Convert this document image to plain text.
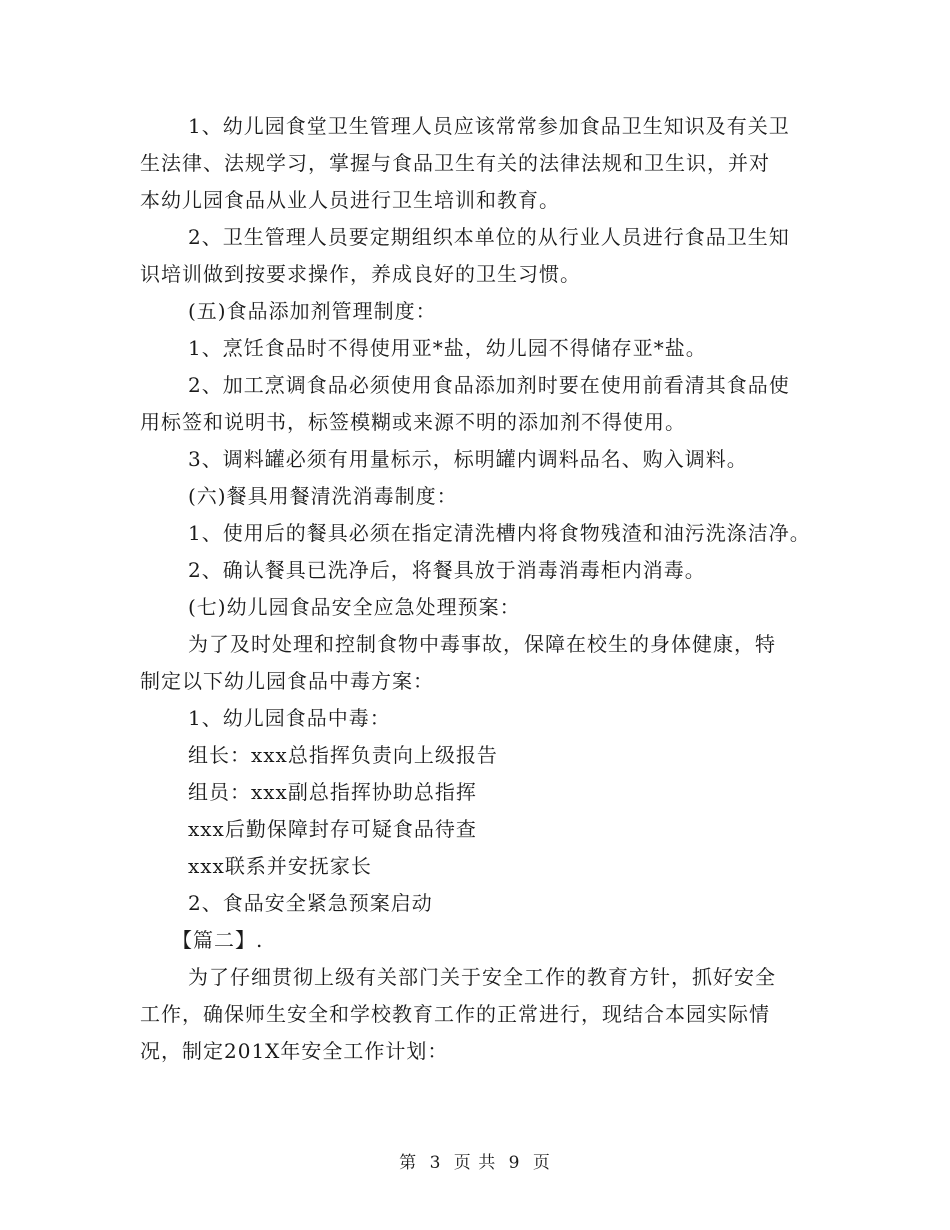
1、幼儿园食堂卫生管理人员应该常常参加食品卫生知识及有关卫
生法律、法规学习，掌握与食品卫生有关的法律法规和卫生识，并对
本幼儿园食品从业人员进行卫生培训和教育。
2、卫生管理人员要定期组织本单位的从行业人员进行食品卫生知
识培训做到按要求操作，养成良好的卫生习惯。
(五)食品添加剂管理制度：
1、烹饪食品时不得使用亚*盐，幼儿园不得储存亚*盐。
2、加工烹调食品必须使用食品添加剂时要在使用前看清其食品使
用标签和说明书，标签模糊或来源不明的添加剂不得使用。
3、调料罐必须有用量标示，标明罐内调料品名、购入调料。
(六)餐具用餐清洗消毒制度：
1、使用后的餐具必须在指定清洗槽内将食物残渣和油污洗涤洁净。
2、确认餐具已洗净后，将餐具放于消毒消毒柜内消毒。
(七)幼儿园食品安全应急处理预案：
为了及时处理和控制食物中毒事故，保障在校生的身体健康，特
制定以下幼儿园食品中毒方案：
1、幼儿园食品中毒：
组长：xxx总指挥负责向上级报告
组员：xxx副总指挥协助总指挥
xxx后勤保障封存可疑食品待查
xxx联系并安抚家长
2、食品安全紧急预案启动
【篇二】.
为了仔细贯彻上级有关部门关于安全工作的教育方针，抓好安全
工作，确保师生安全和学校教育工作的正常进行，现结合本园实际情
况，制定201X年安全工作计划：
第 3 页 共 9 页
